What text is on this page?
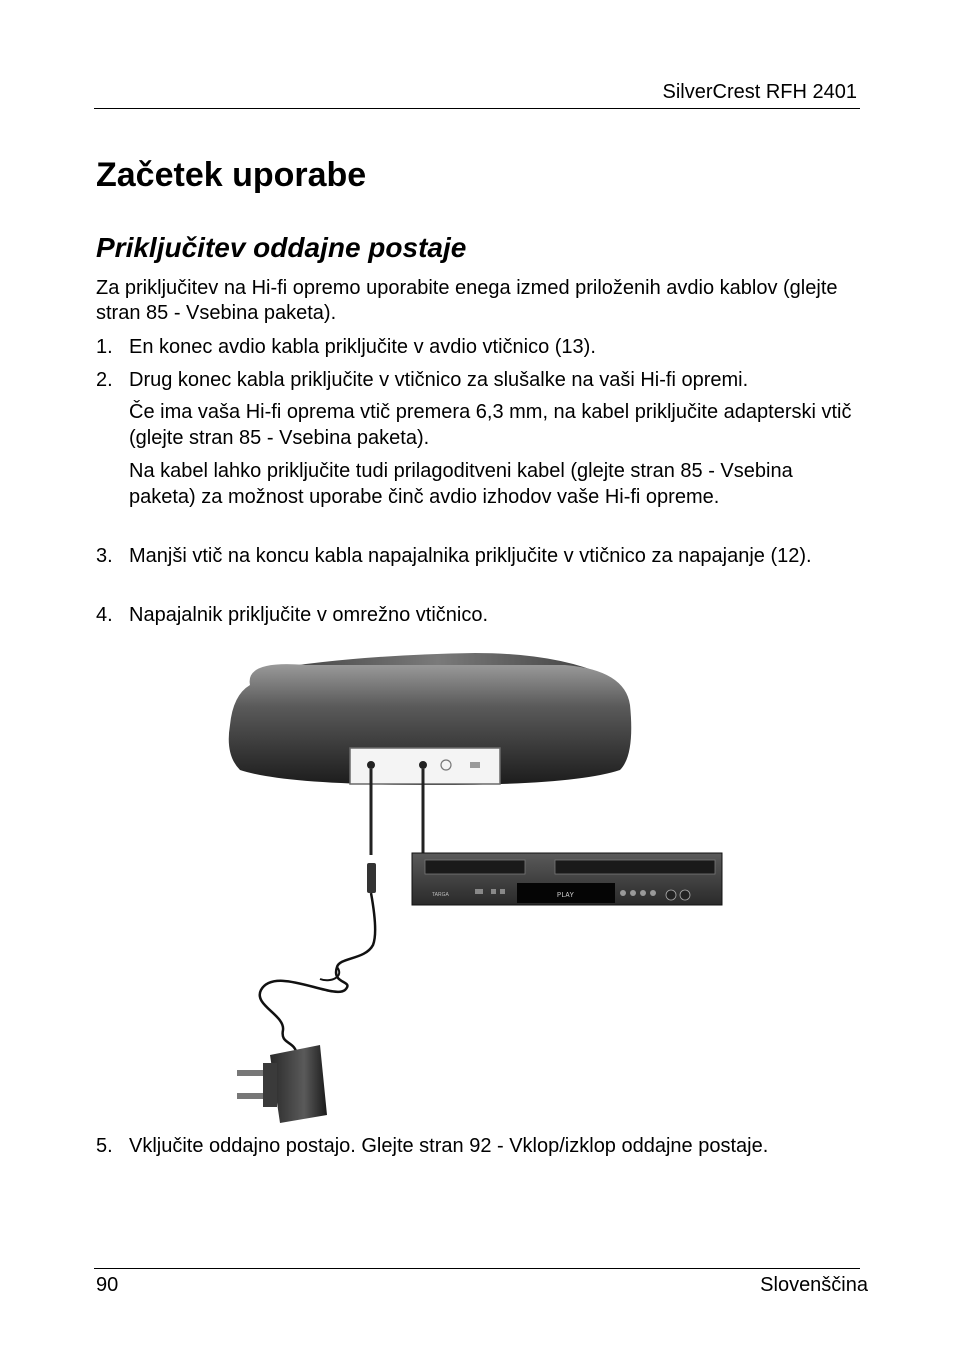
SilverCrest RFH 2401
Začetek uporabe
Priključitev oddajne postaje

Za priključitev na Hi-fi opremo uporabite enega izmed priloženih avdio kablov (glejte stran 85 - Vsebina paketa).

1. En konec avdio kabla priključite v avdio vtičnico (13).
2. Drug konec kabla priključite v vtičnico za slušalke na vaši Hi-fi opremi.
Če ima vaša Hi-fi oprema vtič premera 6,3 mm, na kabel priključite adapterski vtič (glejte stran 85 - Vsebina paketa).
Na kabel lahko priključite tudi prilagoditveni kabel (glejte stran 85 - Vsebina paketa) za možnost uporabe činč avdio izhodov vaše Hi-fi opreme.
3. Manjši vtič na koncu kabla napajalnika priključite v vtičnico za napajanje (12).
4. Napajalnik priključite v omrežno vtičnico.
TARGA	PLAY
5. Vključite oddajno postajo. Glejte stran 92 - Vklop/izklop oddajne postaje.
90	Slovenščina
